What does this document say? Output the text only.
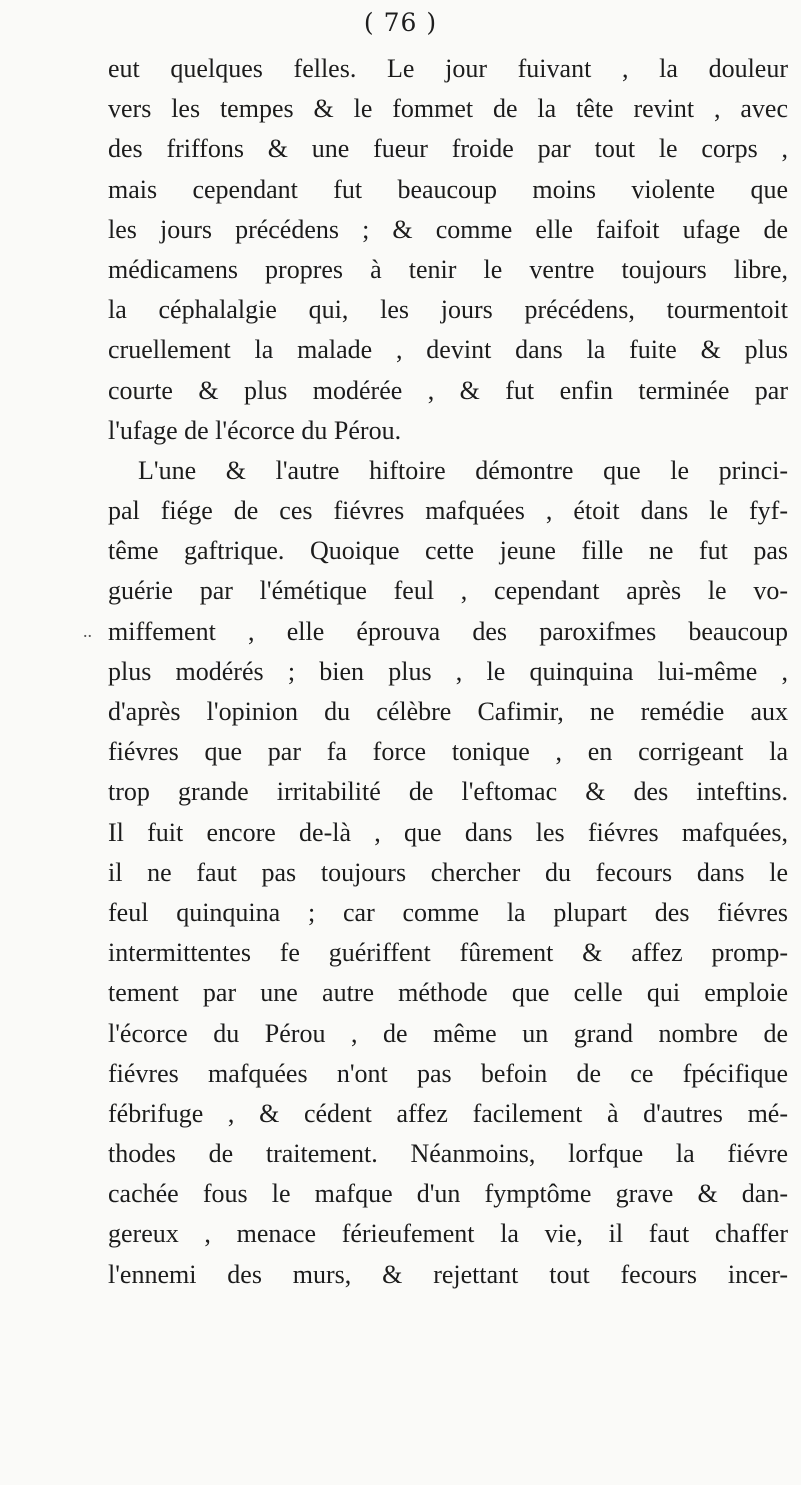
( 76 )
..
eut quelques felles. Le jour fuivant , la douleur
vers les tempes & le fommet de la tête revint , avec
des friffons & une fueur froide par tout le corps ,
mais cependant fut beaucoup moins violente que
les jours précédens ; & comme elle faifoit ufage de
médicamens propres à tenir le ventre toujours libre,
la céphalalgie qui, les jours précédens, tourmentoit
cruellement la malade , devint dans la fuite & plus
courte & plus modérée , & fut enfin terminée par
l'ufage de l'écorce du Pérou.
L'une & l'autre hiftoire démontre que le princi-
pal fiége de ces fiévres mafquées , étoit dans le fyf-
tême gaftrique. Quoique cette jeune fille ne fut pas
guérie par l'émétique feul , cependant après le vo-
miffement , elle éprouva des paroxifmes beaucoup
plus modérés ; bien plus , le quinquina lui-même ,
d'après l'opinion du célèbre Cafimir, ne remédie aux
fiévres que par fa force tonique , en corrigeant la
trop grande irritabilité de l'eftomac & des inteftins.
Il fuit encore de-là , que dans les fiévres mafquées,
il ne faut pas toujours chercher du fecours dans le
feul quinquina ; car comme la plupart des fiévres
intermittentes fe guériffent fûrement & affez promp-
tement par une autre méthode que celle qui emploie
l'écorce du Pérou , de même un grand nombre de
fiévres mafquées n'ont pas befoin de ce fpécifique
fébrifuge , & cédent affez facilement à d'autres mé-
thodes de traitement. Néanmoins, lorfque la fiévre
cachée fous le mafque d'un fymptôme grave & dan-
gereux , menace férieufement la vie, il faut chaffer
l'ennemi des murs, & rejettant tout fecours incer-
